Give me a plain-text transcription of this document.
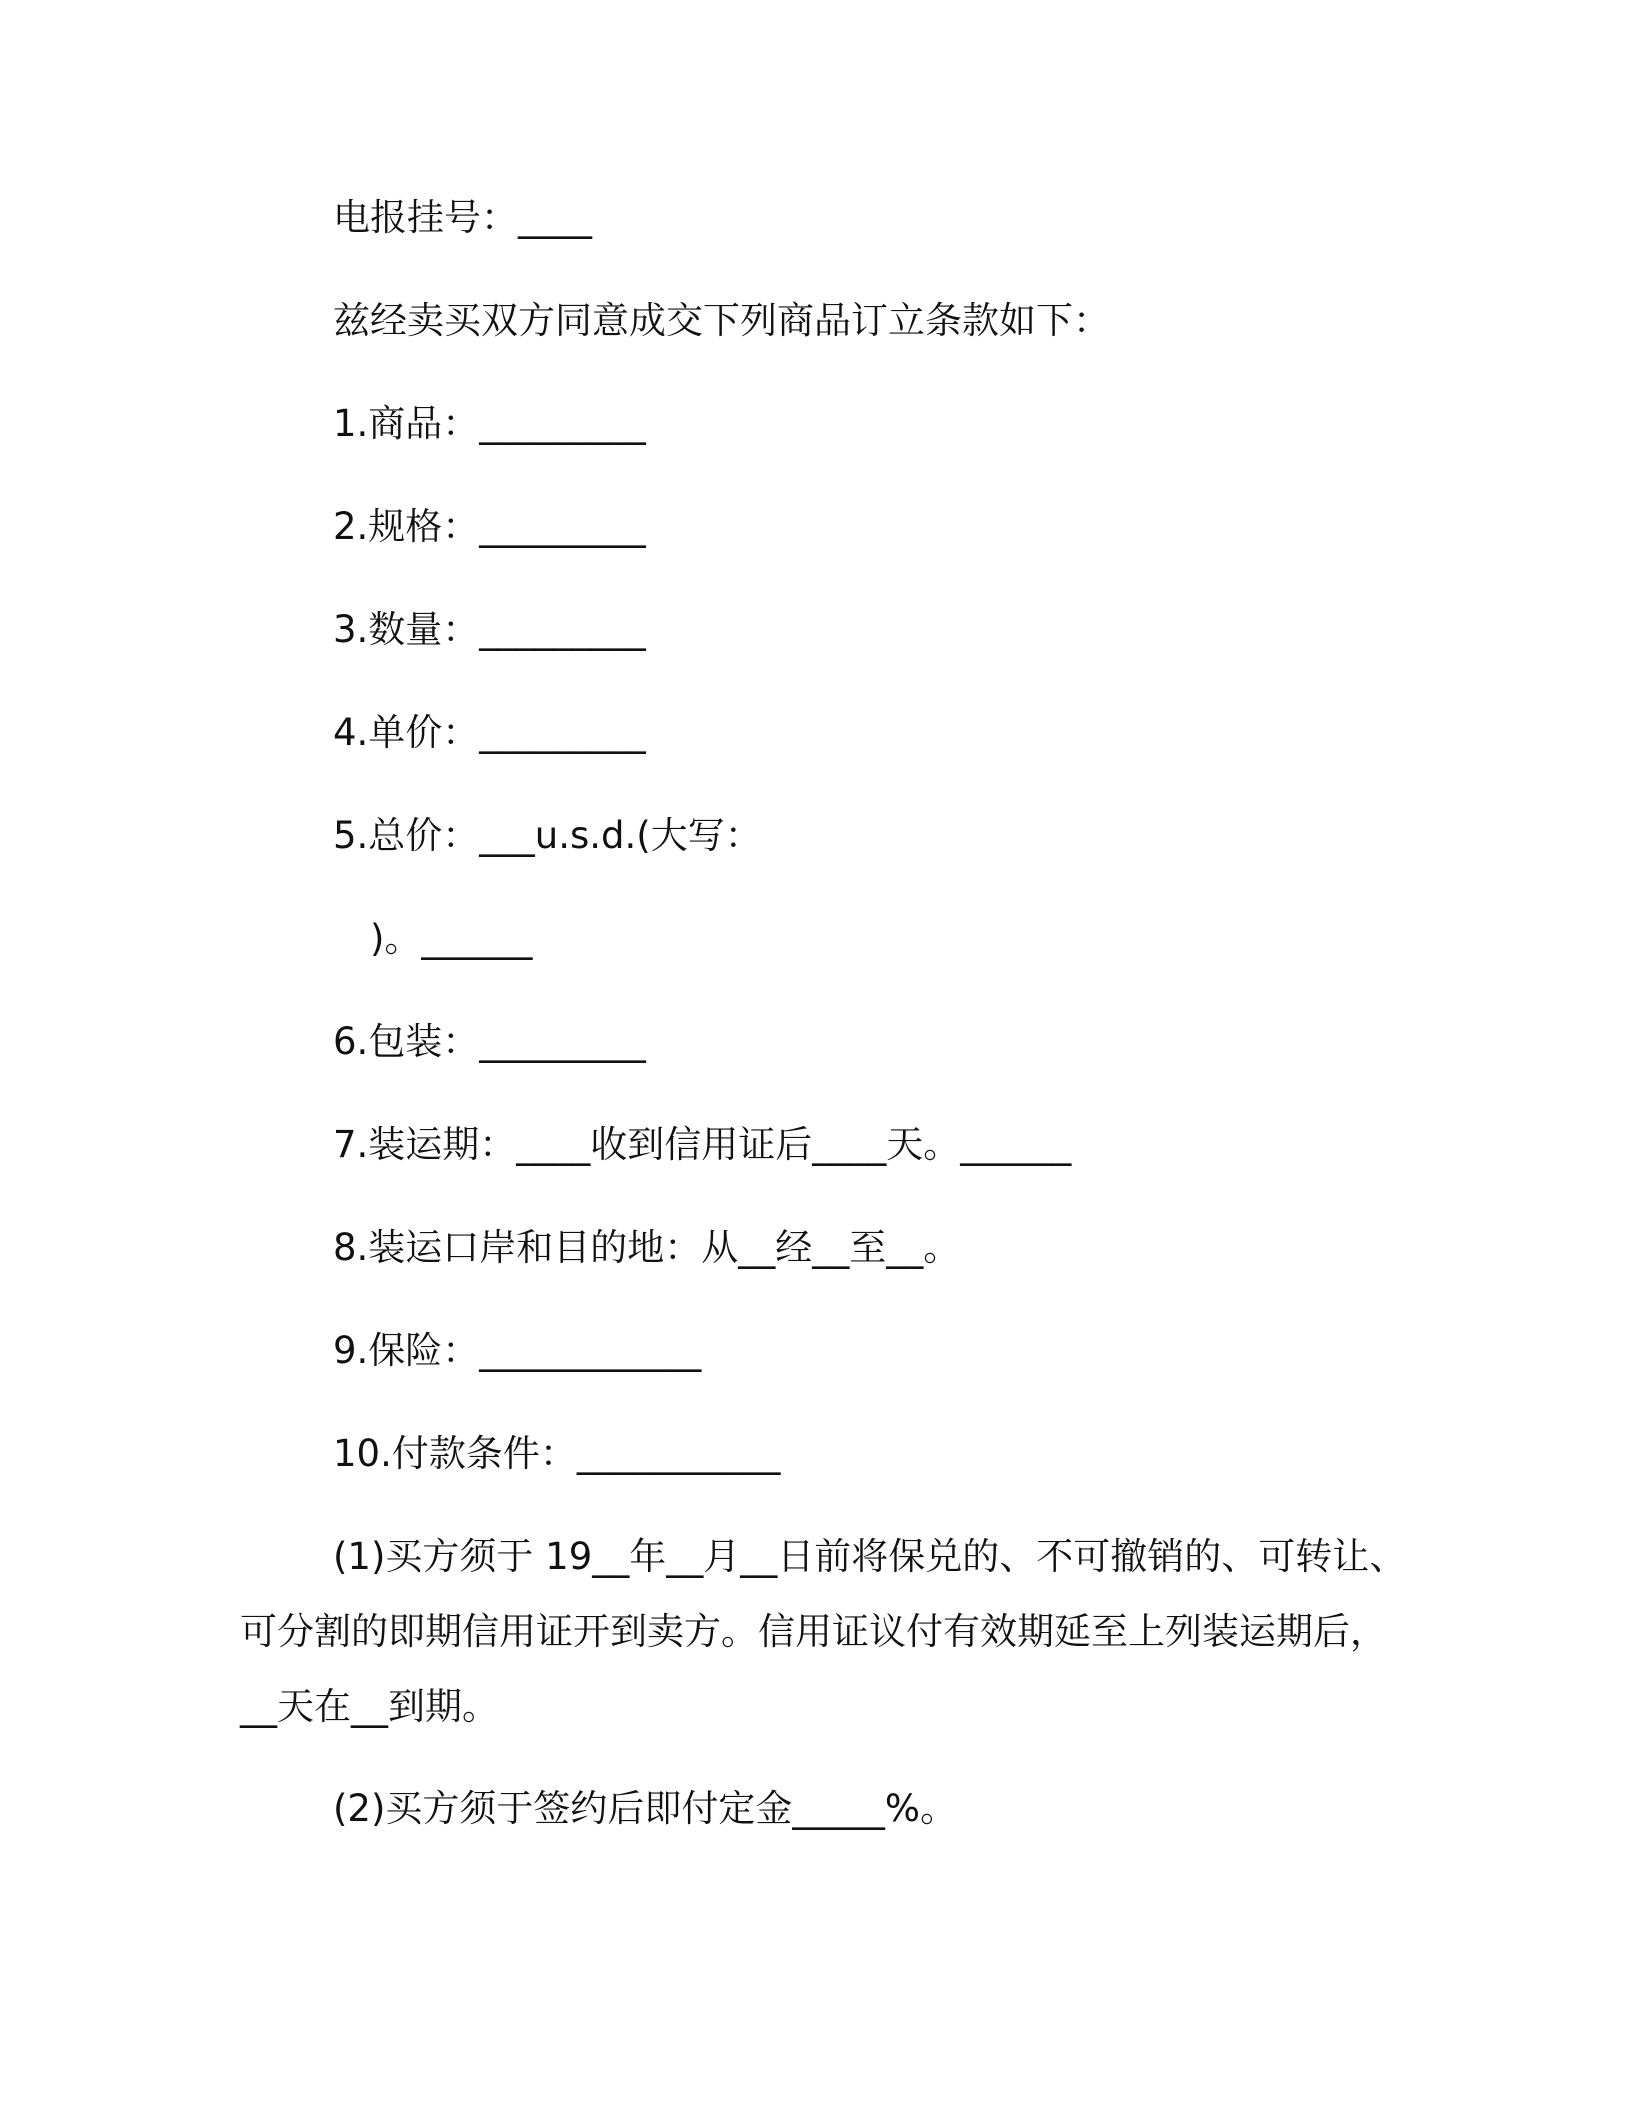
电报挂号：____
兹经卖买双方同意成交下列商品订立条款如下：
1.商品：_________
2.规格：_________
3.数量：_________
4.单价：_________
5.总价：___u.s.d.(大写：
)。______
6.包装：_________
7.装运期：____收到信用证后____天。______
8.装运口岸和目的地：从__经__至__。
9.保险：____________
10.付款条件：___________
(1)买方须于 19__年__月__日前将保兑的、不可撤销的、可转让、
可分割的即期信用证开到卖方。信用证议付有效期延至上列装运期后，
__天在__到期。
(2)买方须于签约后即付定金_____%。
